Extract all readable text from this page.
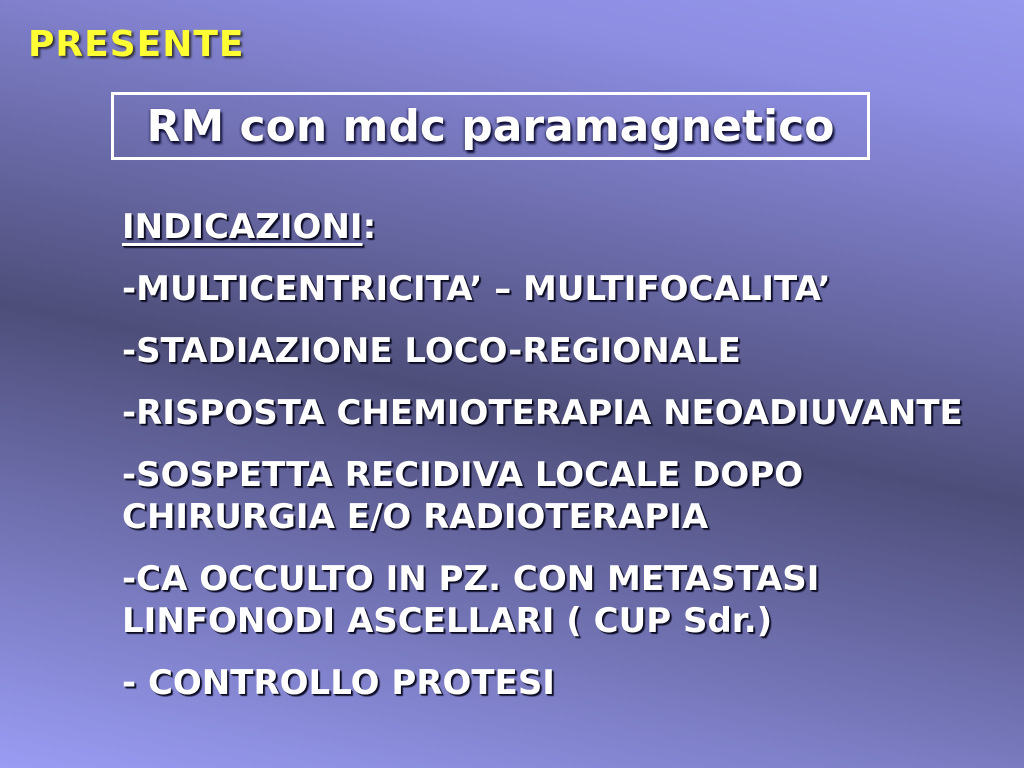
PRESENTE
RM con mdc paramagnetico
INDICAZIONI:
-MULTICENTRICITA’ – MULTIFOCALITA’
-STADIAZIONE LOCO-REGIONALE
-RISPOSTA CHEMIOTERAPIA NEOADIUVANTE
-SOSPETTA RECIDIVA LOCALE DOPO
CHIRURGIA E/O RADIOTERAPIA
-CA OCCULTO IN PZ. CON METASTASI
LINFONODI ASCELLARI ( CUP Sdr.)
- CONTROLLO PROTESI
